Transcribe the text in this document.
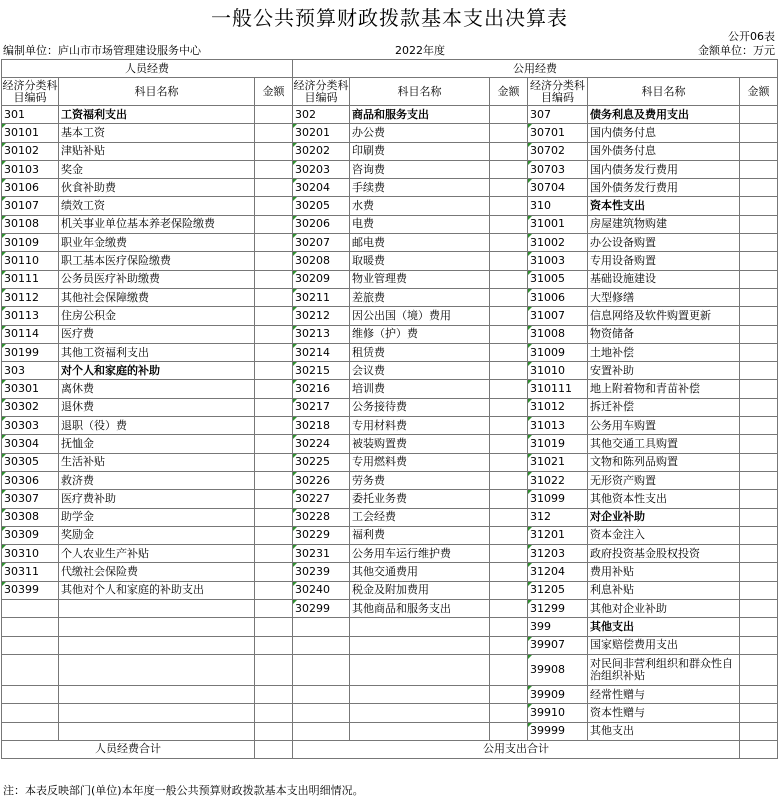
一般公共预算财政拨款基本支出决算表
公开06表
编制单位：庐山市市场管理建设服务中心	2022年度	金额单位：万元
人员经费			公用经费					
经济分类科目编码	科目名称	金额	经济分类科目编码	科目名称	金额	经济分类科目编码	科目名称	金额
301	工资福利支出		302	商品和服务支出		307	债务利息及费用支出	
30101	基本工资		30201	办公费		30701	国内债务付息	
30102	津贴补贴		30202	印刷费		30702	国外债务付息	
30103	奖金		30203	咨询费		30703	国内债务发行费用	
30106	伙食补助费		30204	手续费		30704	国外债务发行费用	
30107	绩效工资		30205	水费		310	资本性支出	
30108	机关事业单位基本养老保险缴费		30206	电费		31001	房屋建筑物购建	
30109	职业年金缴费		30207	邮电费		31002	办公设备购置	
30110	职工基本医疗保险缴费		30208	取暖费		31003	专用设备购置	
30111	公务员医疗补助缴费		30209	物业管理费		31005	基础设施建设	
30112	其他社会保障缴费		30211	差旅费		31006	大型修缮	
30113	住房公积金		30212	因公出国（境）费用		31007	信息网络及软件购置更新	
30114	医疗费		30213	维修（护）费		31008	物资储备	
30199	其他工资福利支出		30214	租赁费		31009	土地补偿	
303	对个人和家庭的补助		30215	会议费		31010	安置补助	
30301	离休费		30216	培训费		310111	地上附着物和青苗补偿	
30302	退休费		30217	公务接待费		31012	拆迁补偿	
30303	退职（役）费		30218	专用材料费		31013	公务用车购置	
30304	抚恤金		30224	被装购置费		31019	其他交通工具购置	
30305	生活补贴		30225	专用燃料费		31021	文物和陈列品购置	
30306	救济费		30226	劳务费		31022	无形资产购置	
30307	医疗费补助		30227	委托业务费		31099	其他资本性支出	
30308	助学金		30228	工会经费		312	对企业补助	
30309	奖励金		30229	福利费		31201	资本金注入	
30310	个人农业生产补贴		30231	公务用车运行维护费		31203	政府投资基金股权投资	
30311	代缴社会保险费		30239	其他交通费用		31204	费用补贴	
30399	其他对个人和家庭的补助支出		30240	税金及附加费用		31205	利息补贴	
			30299	其他商品和服务支出		31299	其他对企业补助	
						399	其他支出	
						39907	国家赔偿费用支出	
						39908	对民间非营利组织和群众性自治组织补贴	
						39909	经常性赠与	
						39910	资本性赠与	
						39999	其他支出	
人员经费合计			公用支出合计					
注：本表反映部门(单位)本年度一般公共预算财政拨款基本支出明细情况。
